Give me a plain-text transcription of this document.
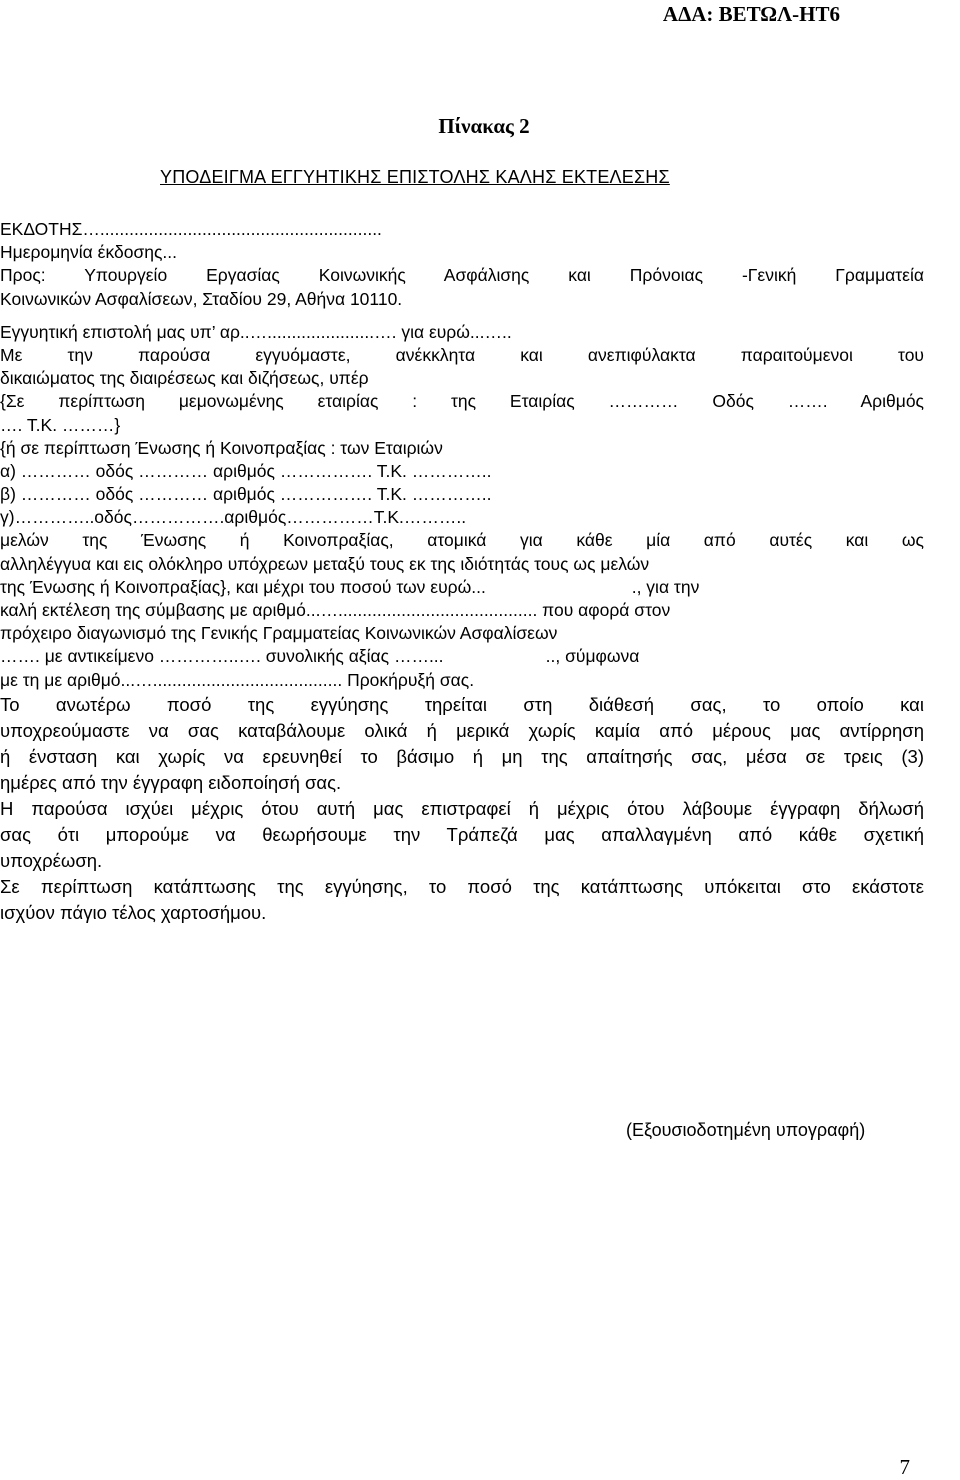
ΑΔΑ: ΒΕΤΩΛ-ΗΤ6
Πίνακας 2
ΥΠΟΔΕΙΓΜΑ ΕΓΓΥΗΤΙΚΗΣ ΕΠΙΣΤΟΛΗΣ ΚΑΛΗΣ ΕΚΤΕΛΕΣΗΣ
ΕΚΔΟΤΗΣ…..........................................................
Ημερομηνία έκδοσης...
Προς: Υπουργείο Εργασίας Κοινωνικής Ασφάλισης και Πρόνοιας -Γενική Γραμματεία
Κοινωνικών Ασφαλίσεων, Σταδίου 29, Αθήνα 10110.
Εγγυητική επιστολή μας υπ’ αρ..…......................…. για ευρώ...…..
Με την παρούσα εγγυόμαστε, ανέκκλητα και ανεπιφύλακτα παραιτούμενοι του
δικαιώματος της διαιρέσεως και διζήσεως, υπέρ
{Σε περίπτωση μεμονωμένης εταιρίας : της Εταιρίας ………… Οδός ……. Αριθμός
…. Τ.Κ. ………}
{ή σε περίπτωση Ένωσης ή Κοινοπραξίας : των Εταιριών
α) ………… οδός ………… αριθμός ……………. Τ.Κ. …………..
β) ………… οδός ………… αριθμός ……………. Τ.Κ. …………..
γ)…………..οδός…………….αριθμός……………Τ.Κ.………..
μελών της Ένωσης ή Κοινοπραξίας, ατομικά για κάθε μία από αυτές και ως
αλληλέγγυα και εις ολόκληρο υπόχρεων μεταξύ τους εκ της ιδιότητάς τους ως μελών
της Ένωσης ή Κοινοπραξίας}, και μέχρι του ποσού των ευρώ...                              ., για την
καλή εκτέλεση της σύμβασης με αριθμό...…......................................... που αφορά στον
πρόχειρο διαγωνισμό της Γενικής Γραμματείας Κοινωνικών Ασφαλίσεων
……. με αντικείμενο …………..…. συνολικής αξίας ……...                     .., σύμφωνα
με τη με αριθμό...…....................................... Προκήρυξή σας.
Το ανωτέρω ποσό της εγγύησης τηρείται στη διάθεσή σας, το οποίο και
υποχρεούμαστε να σας καταβάλουμε ολικά ή μερικά χωρίς καμία από μέρους μας αντίρρηση
ή ένσταση και χωρίς να ερευνηθεί το βάσιμο ή μη της απαίτησής σας, μέσα σε τρεις (3)
ημέρες από την έγγραφη ειδοποίησή σας.
Η παρούσα ισχύει μέχρις ότου αυτή μας επιστραφεί ή μέχρις ότου λάβουμε έγγραφη δήλωσή
σας ότι μπορούμε να θεωρήσουμε την Τράπεζά μας απαλλαγμένη από κάθε σχετική
υποχρέωση.
Σε περίπτωση κατάπτωσης της εγγύησης, το ποσό της κατάπτωσης υπόκειται στο εκάστοτε
ισχύον πάγιο τέλος χαρτοσήμου.
(Εξουσιοδοτημένη υπογραφή)
7
